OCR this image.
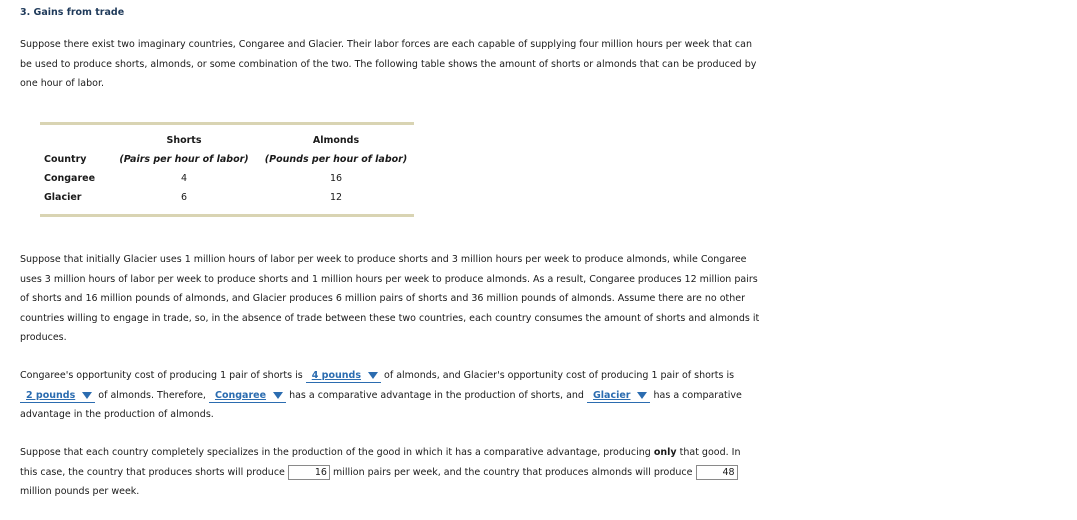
3. Gains from trade

Suppose there exist two imaginary countries, Congaree and Glacier. Their labor forces are each capable of supplying four million hours per week that can be used to produce shorts, almonds, or some combination of the two. The following table shows the amount of shorts or almonds that can be produced by one hour of labor.

	Shorts	Almonds
Country	(Pairs per hour of labor)	(Pounds per hour of labor)
Congaree	4	16
Glacier	6	12

Suppose that initially Glacier uses 1 million hours of labor per week to produce shorts and 3 million hours per week to produce almonds, while Congaree uses 3 million hours of labor per week to produce shorts and 1 million hours per week to produce almonds. As a result, Congaree produces 12 million pairs of shorts and 16 million pounds of almonds, and Glacier produces 6 million pairs of shorts and 36 million pounds of almonds. Assume there are no other countries willing to engage in trade, so, in the absence of trade between these two countries, each country consumes the amount of shorts and almonds it produces.

Congaree's opportunity cost of producing 1 pair of shorts is 4 pounds of almonds, and Glacier's opportunity cost of producing 1 pair of shorts is 2 pounds of almonds. Therefore, Congaree has a comparative advantage in the production of shorts, and Glacier has a comparative advantage in the production of almonds.

Suppose that each country completely specializes in the production of the good in which it has a comparative advantage, producing only that good. In this case, the country that produces shorts will produce 16	million pairs per week, and the country that produces almonds will produce 48 million pounds per week.
